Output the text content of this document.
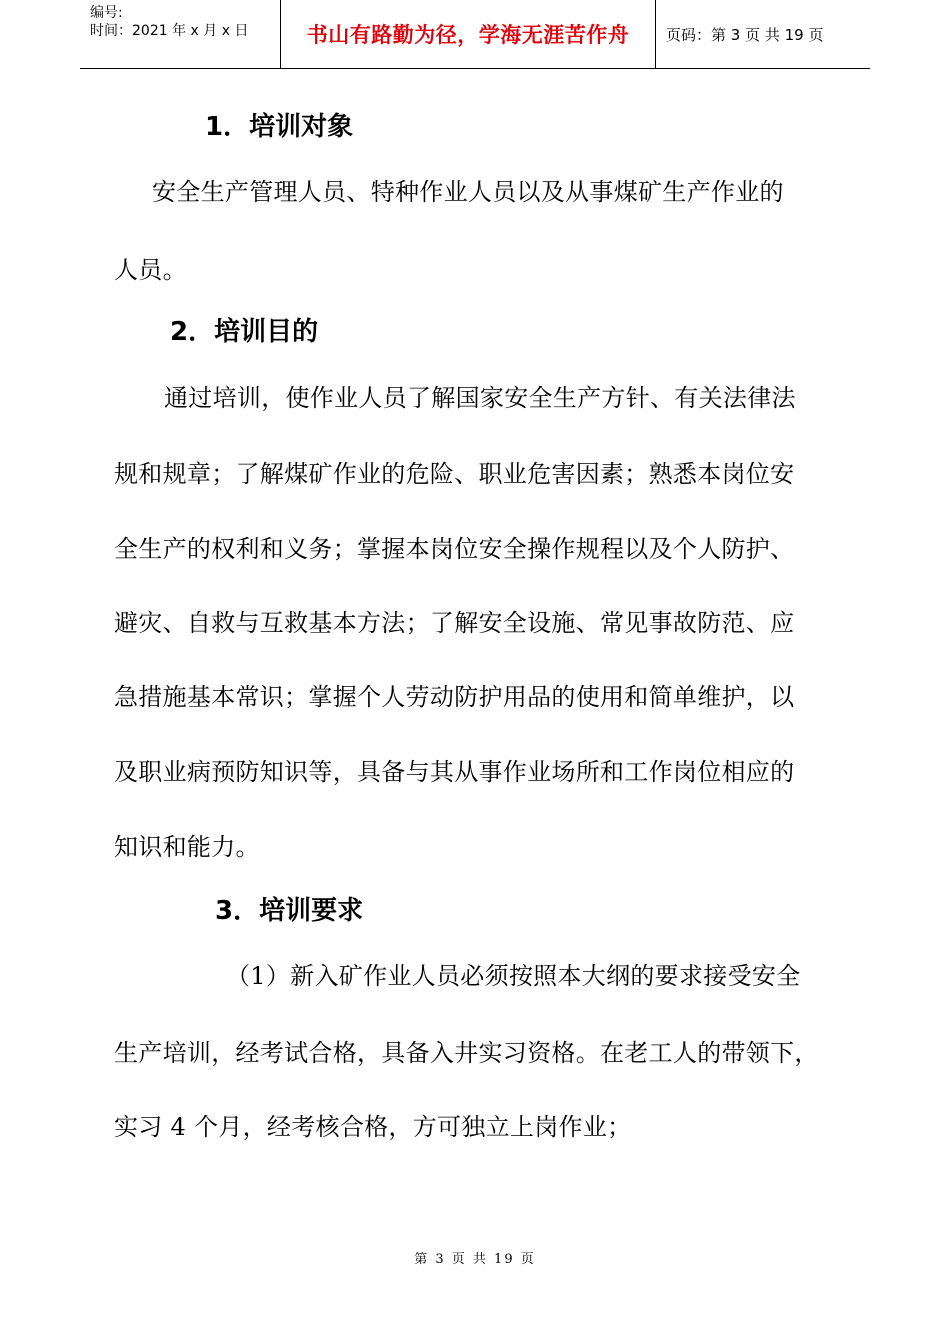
编号:
时间：2021 年 x 月 x 日	书山有路勤为径，学海无涯苦作舟 页码：第 3 页 共 19 页
1．培训对象
安全生产管理人员、特种作业人员以及从事煤矿生产作业的
人员。
2．培训目的
通过培训，使作业人员了解国家安全生产方针、有关法律法
规和规章；了解煤矿作业的危险、职业危害因素；熟悉本岗位安
全生产的权利和义务；掌握本岗位安全操作规程以及个人防护、
避灾、自救与互救基本方法；了解安全设施、常见事故防范、应
急措施基本常识；掌握个人劳动防护用品的使用和简单维护，以
及职业病预防知识等，具备与其从事作业场所和工作岗位相应的
知识和能力。
3．培训要求
（1）新入矿作业人员必须按照本大纲的要求接受安全
生产培训，经考试合格，具备入井实习资格。在老工人的带领下，
实习 4 个月，经考核合格，方可独立上岗作业；
第 3 页 共 19 页
